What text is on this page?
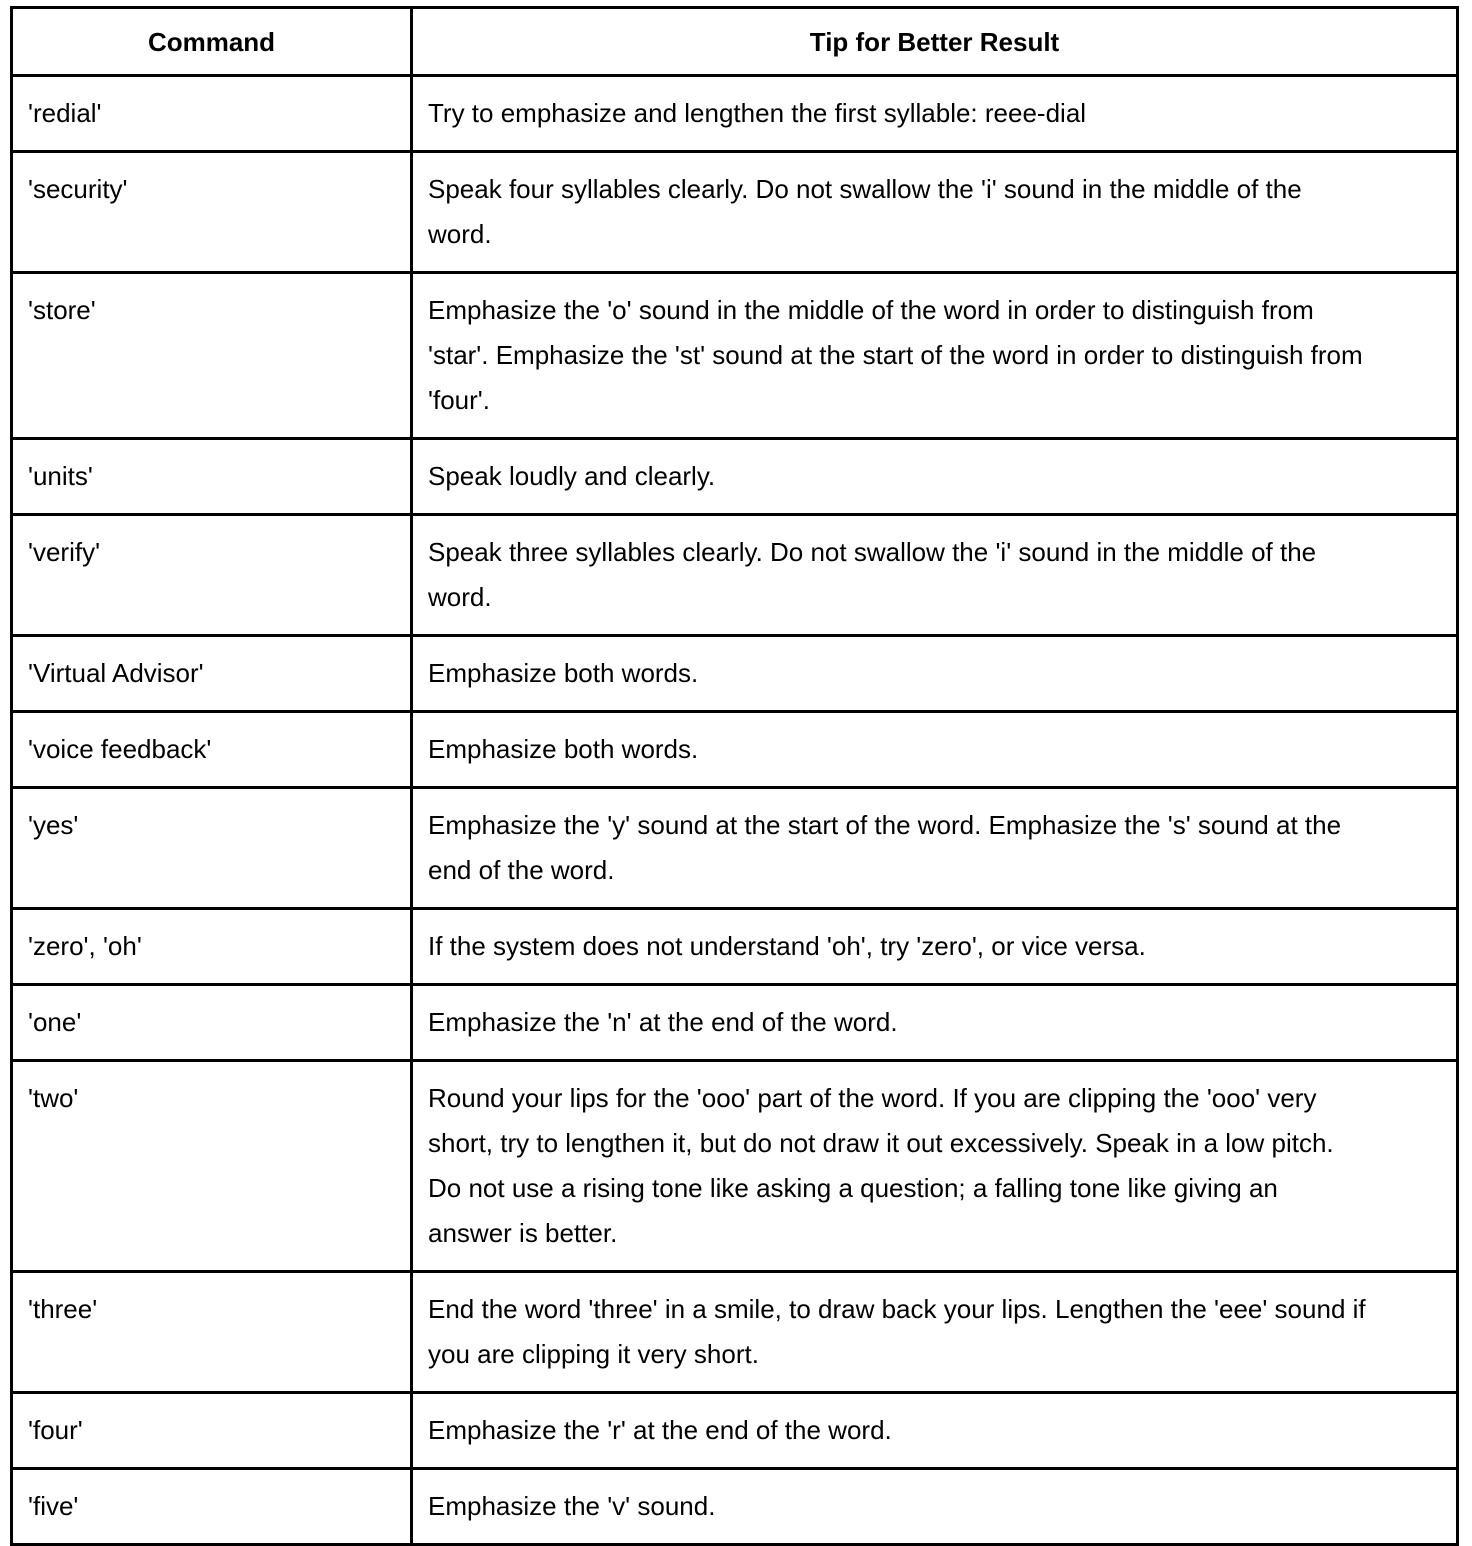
Command	Tip for Better Result
'redial'	Try to emphasize and lengthen the first syllable: reee-dial
'security'	Speak four syllables clearly. Do not swallow the 'i' sound in the middle of the word.
'store'	Emphasize the 'o' sound in the middle of the word in order to distinguish from 'star'. Emphasize the 'st' sound at the start of the word in order to distinguish from 'four'.
'units'	Speak loudly and clearly.
'verify'	Speak three syllables clearly. Do not swallow the 'i' sound in the middle of the word.
'Virtual Advisor'	Emphasize both words.
'voice feedback'	Emphasize both words.
'yes'	Emphasize the 'y' sound at the start of the word. Emphasize the 's' sound at the end of the word.
'zero', 'oh'	If the system does not understand 'oh', try 'zero', or vice versa.
'one'	Emphasize the 'n' at the end of the word.
'two'	Round your lips for the 'ooo' part of the word. If you are clipping the 'ooo' very short, try to lengthen it, but do not draw it out excessively. Speak in a low pitch. Do not use a rising tone like asking a question; a falling tone like giving an answer is better.
'three'	End the word 'three' in a smile, to draw back your lips. Lengthen the 'eee' sound if you are clipping it very short.
'four'	Emphasize the 'r' at the end of the word.
'five'	Emphasize the 'v' sound.
